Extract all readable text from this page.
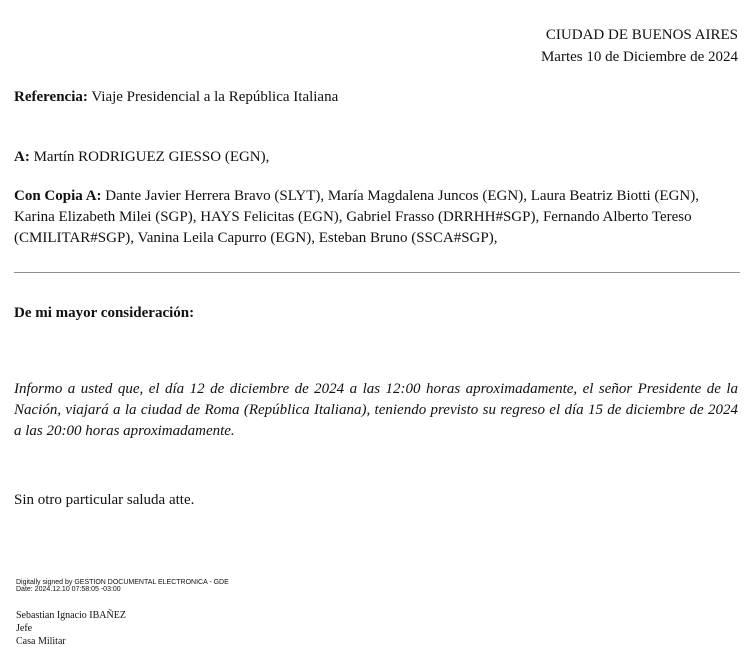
CIUDAD DE BUENOS AIRES
Martes 10 de Diciembre de 2024
Referencia: Viaje Presidencial a la República Italiana
A: Martín RODRIGUEZ GIESSO (EGN),
Con Copia A: Dante Javier Herrera Bravo (SLYT), María Magdalena Juncos (EGN), Laura Beatriz Biotti (EGN), Karina Elizabeth Milei (SGP), HAYS Felicitas (EGN), Gabriel Frasso (DRRHH#SGP), Fernando Alberto Tereso (CMILITAR#SGP), Vanina Leila Capurro (EGN), Esteban Bruno (SSCA#SGP),
De mi mayor consideración:
Informo a usted que, el día 12 de diciembre de 2024 a las 12:00 horas aproximadamente, el señor Presidente de la Nación, viajará a la ciudad de Roma (República Italiana), teniendo previsto su regreso el día 15 de diciembre de 2024 a las 20:00 horas aproximadamente.
Sin otro particular saluda atte.
Digitally signed by GESTION DOCUMENTAL ELECTRONICA - GDE
Date: 2024.12.10 07:58:05 -03:00
Sebastian Ignacio IBAÑEZ
Jefe
Casa Militar
